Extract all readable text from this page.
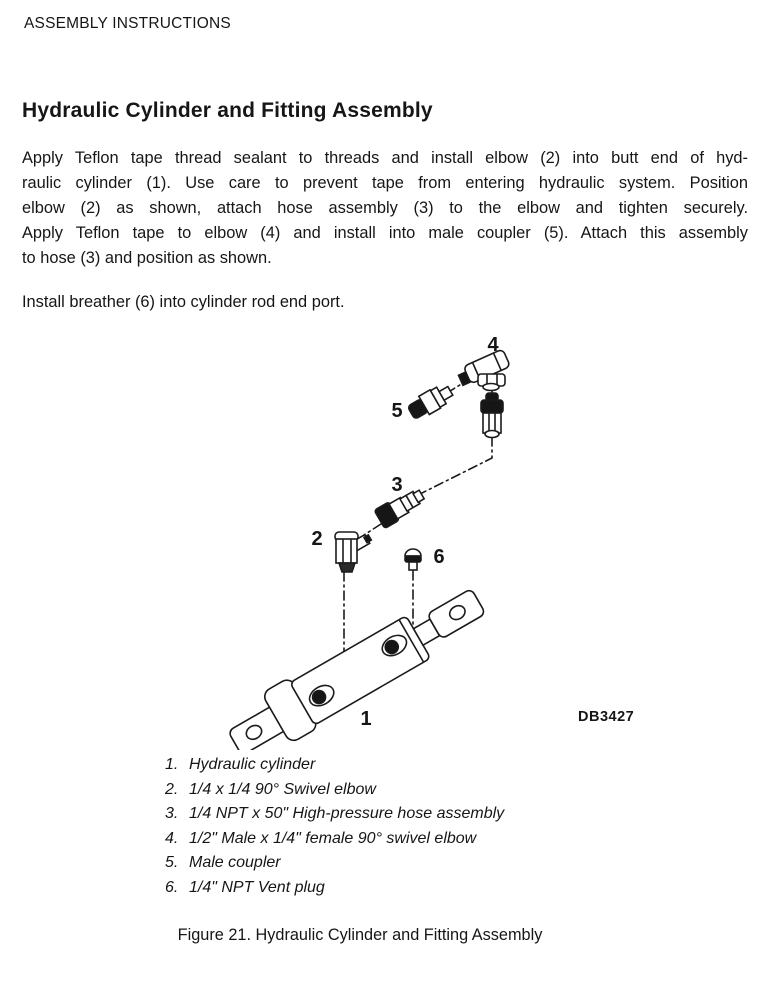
ASSEMBLY INSTRUCTIONS
Hydraulic Cylinder and Fitting Assembly
Apply Teflon tape thread sealant to threads and install elbow (2) into butt end of hyd-
raulic cylinder (1). Use care to prevent tape from entering hydraulic system. Position
elbow (2) as shown, attach hose assembly (3) to the elbow and tighten securely.
Apply Teflon tape to elbow (4) and install into male coupler (5). Attach this assembly
to hose (3) and position as shown.
Install breather (6) into cylinder rod end port.
4
5
3
2
6
1	DB3427
1. Hydraulic cylinder
2. 1/4 x 1/4 90° Swivel elbow
3. 1/4 NPT x 50" High-pressure hose assembly
4. 1/2" Male x 1/4" female 90° swivel elbow
5. Male coupler
6. 1/4" NPT Vent plug
Figure 21. Hydraulic Cylinder and Fitting Assembly
